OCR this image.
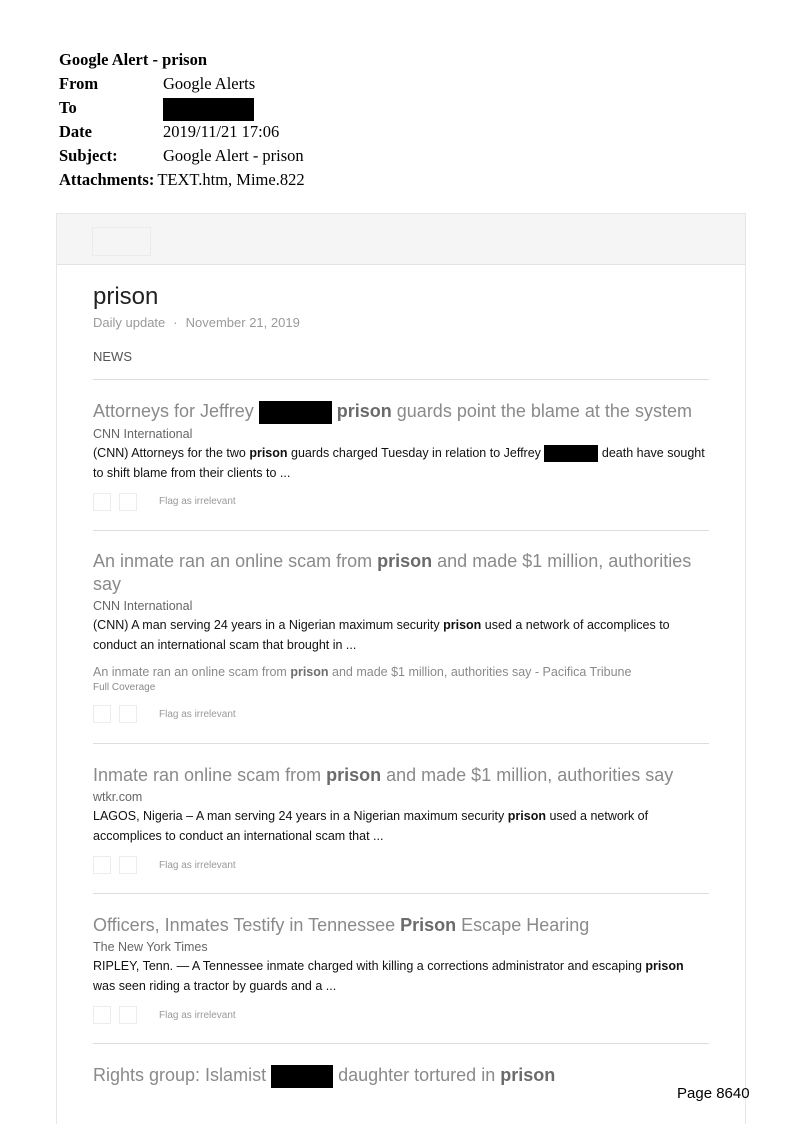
Google Alert - prison
From	Google Alerts
To
Date	2019/11/21 17:06
Subject:	Google Alert - prison
Attachments: TEXT.htm, Mime.822
prison
Daily update · November 21, 2019
NEWS
Attorneys for Jeffrey	prison guards point the blame at the system
CNN International
(CNN) Attorneys for the two prison guards charged Tuesday in relation to Jeffrey	death have sought to shift blame from their clients to ...
Flag as irrelevant
An inmate ran an online scam from prison and made $1 million, authorities say
CNN International
(CNN) A man serving 24 years in a Nigerian maximum security prison used a network of accomplices to conduct an international scam that brought in ...
An inmate ran an online scam from prison and made $1 million, authorities say - Pacifica Tribune
Full Coverage
Flag as irrelevant
Inmate ran online scam from prison and made $1 million, authorities say
wtkr.com
LAGOS, Nigeria – A man serving 24 years in a Nigerian maximum security prison used a network of accomplices to conduct an international scam that ...
Flag as irrelevant
Officers, Inmates Testify in Tennessee Prison Escape Hearing
The New York Times
RIPLEY, Tenn. — A Tennessee inmate charged with killing a corrections administrator and escaping prison was seen riding a tractor by guards and a ...
Flag as irrelevant
Rights group: Islamist	daughter tortured in prison
Page 8640
